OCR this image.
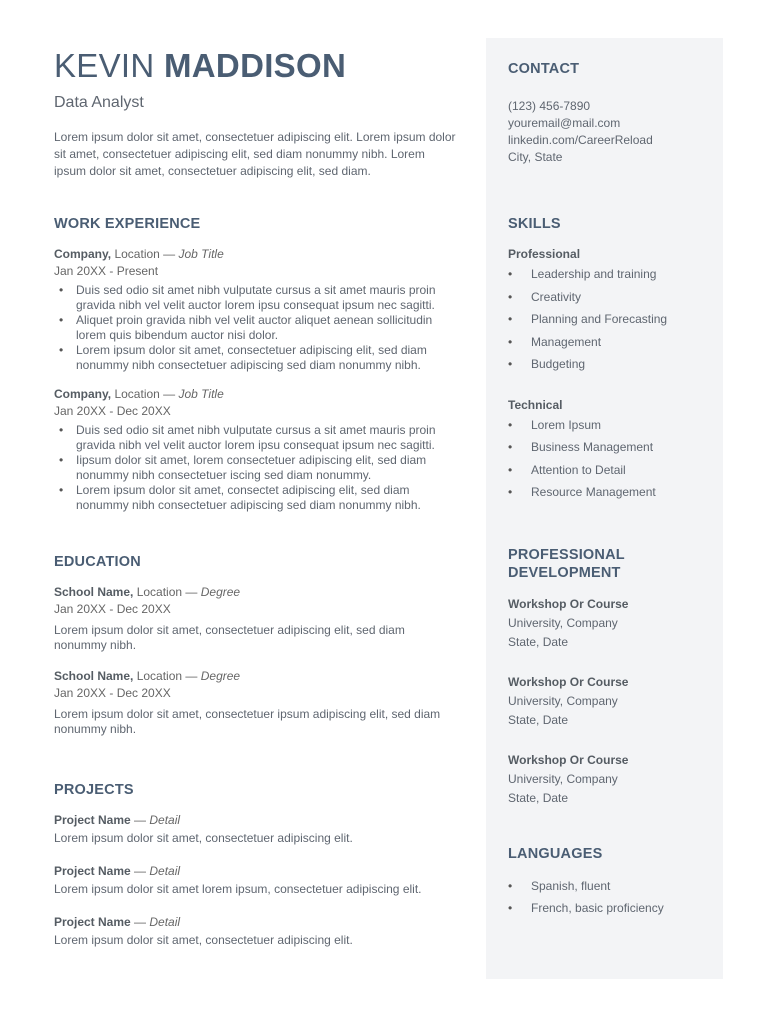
KEVIN MADDISON
Data Analyst
Lorem ipsum dolor sit amet, consectetuer adipiscing elit. Lorem ipsum dolor sit amet, consectetuer adipiscing elit, sed diam nonummy nibh. Lorem ipsum dolor sit amet, consectetuer adipiscing elit, sed diam.
WORK EXPERIENCE
Company, Location — Job Title
Jan 20XX - Present
• Duis sed odio sit amet nibh vulputate cursus a sit amet mauris proin gravida nibh vel velit auctor lorem ipsu consequat ipsum nec sagitti.
• Aliquet proin gravida nibh vel velit auctor aliquet aenean sollicitudin lorem quis bibendum auctor nisi dolor.
• Lorem ipsum dolor sit amet, consectetuer adipiscing elit, sed diam nonummy nibh consectetuer adipiscing sed diam nonummy nibh.
Company, Location — Job Title
Jan 20XX - Dec 20XX
• Duis sed odio sit amet nibh vulputate cursus a sit amet mauris proin gravida nibh vel velit auctor lorem ipsu consequat ipsum nec sagitti.
• Iipsum dolor sit amet, lorem consectetuer adipiscing elit, sed diam nonummy nibh consectetuer iscing sed diam nonummy.
• Lorem ipsum dolor sit amet, consectet adipiscing elit, sed diam nonummy nibh consectetuer adipiscing sed diam nonummy nibh.
EDUCATION
School Name, Location — Degree
Jan 20XX - Dec 20XX
Lorem ipsum dolor sit amet, consectetuer adipiscing elit, sed diam nonummy nibh.
School Name, Location — Degree
Jan 20XX - Dec 20XX
Lorem ipsum dolor sit amet, consectetuer ipsum adipiscing elit, sed diam nonummy nibh.
PROJECTS
Project Name — Detail
Lorem ipsum dolor sit amet, consectetuer adipiscing elit.
Project Name — Detail
Lorem ipsum dolor sit amet lorem ipsum, consectetuer adipiscing elit.
Project Name — Detail
Lorem ipsum dolor sit amet, consectetuer adipiscing elit.
CONTACT
(123) 456-7890
youremail@mail.com
linkedin.com/CareerReload
City, State
SKILLS
Professional
• Leadership and training
• Creativity
• Planning and Forecasting
• Management
• Budgeting
Technical
• Lorem Ipsum
• Business Management
• Attention to Detail
• Resource Management
PROFESSIONAL
DEVELOPMENT
Workshop Or Course
University, Company
State, Date
Workshop Or Course
University, Company
State, Date
Workshop Or Course
University, Company
State, Date
LANGUAGES
• Spanish, fluent
• French, basic proficiency
